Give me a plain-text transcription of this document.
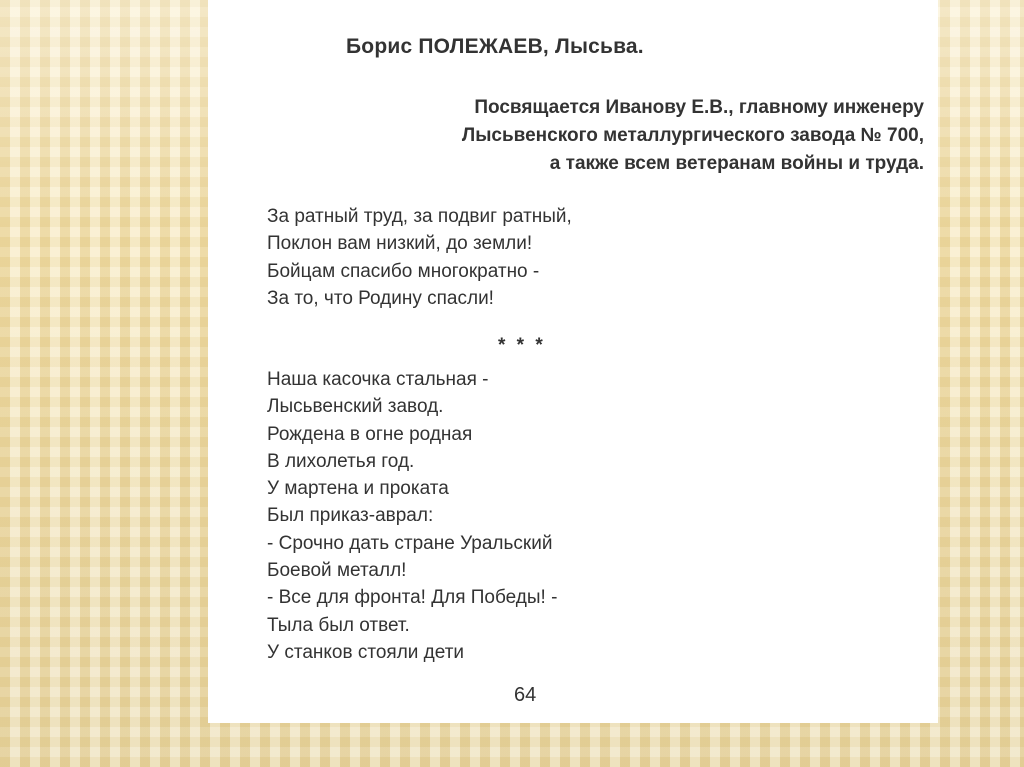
Борис ПОЛЕЖАЕВ, Лысьва.
Посвящается Иванову Е.В., главному инженеру
Лысьвенского металлургического завода № 700,
а также всем ветеранам войны и труда.
За ратный труд, за подвиг ратный,
Поклон вам низкий, до земли!
Бойцам спасибо многократно -
За то, что Родину спасли!
* * *
Наша касочка стальная -
Лысьвенский завод.
Рождена в огне родная
В лихолетья год.
У мартена и проката
Был приказ-аврал:
- Срочно дать стране Уральский
Боевой металл!
- Все для фронта! Для Победы! -
Тыла был ответ.
У станков стояли дети
64
